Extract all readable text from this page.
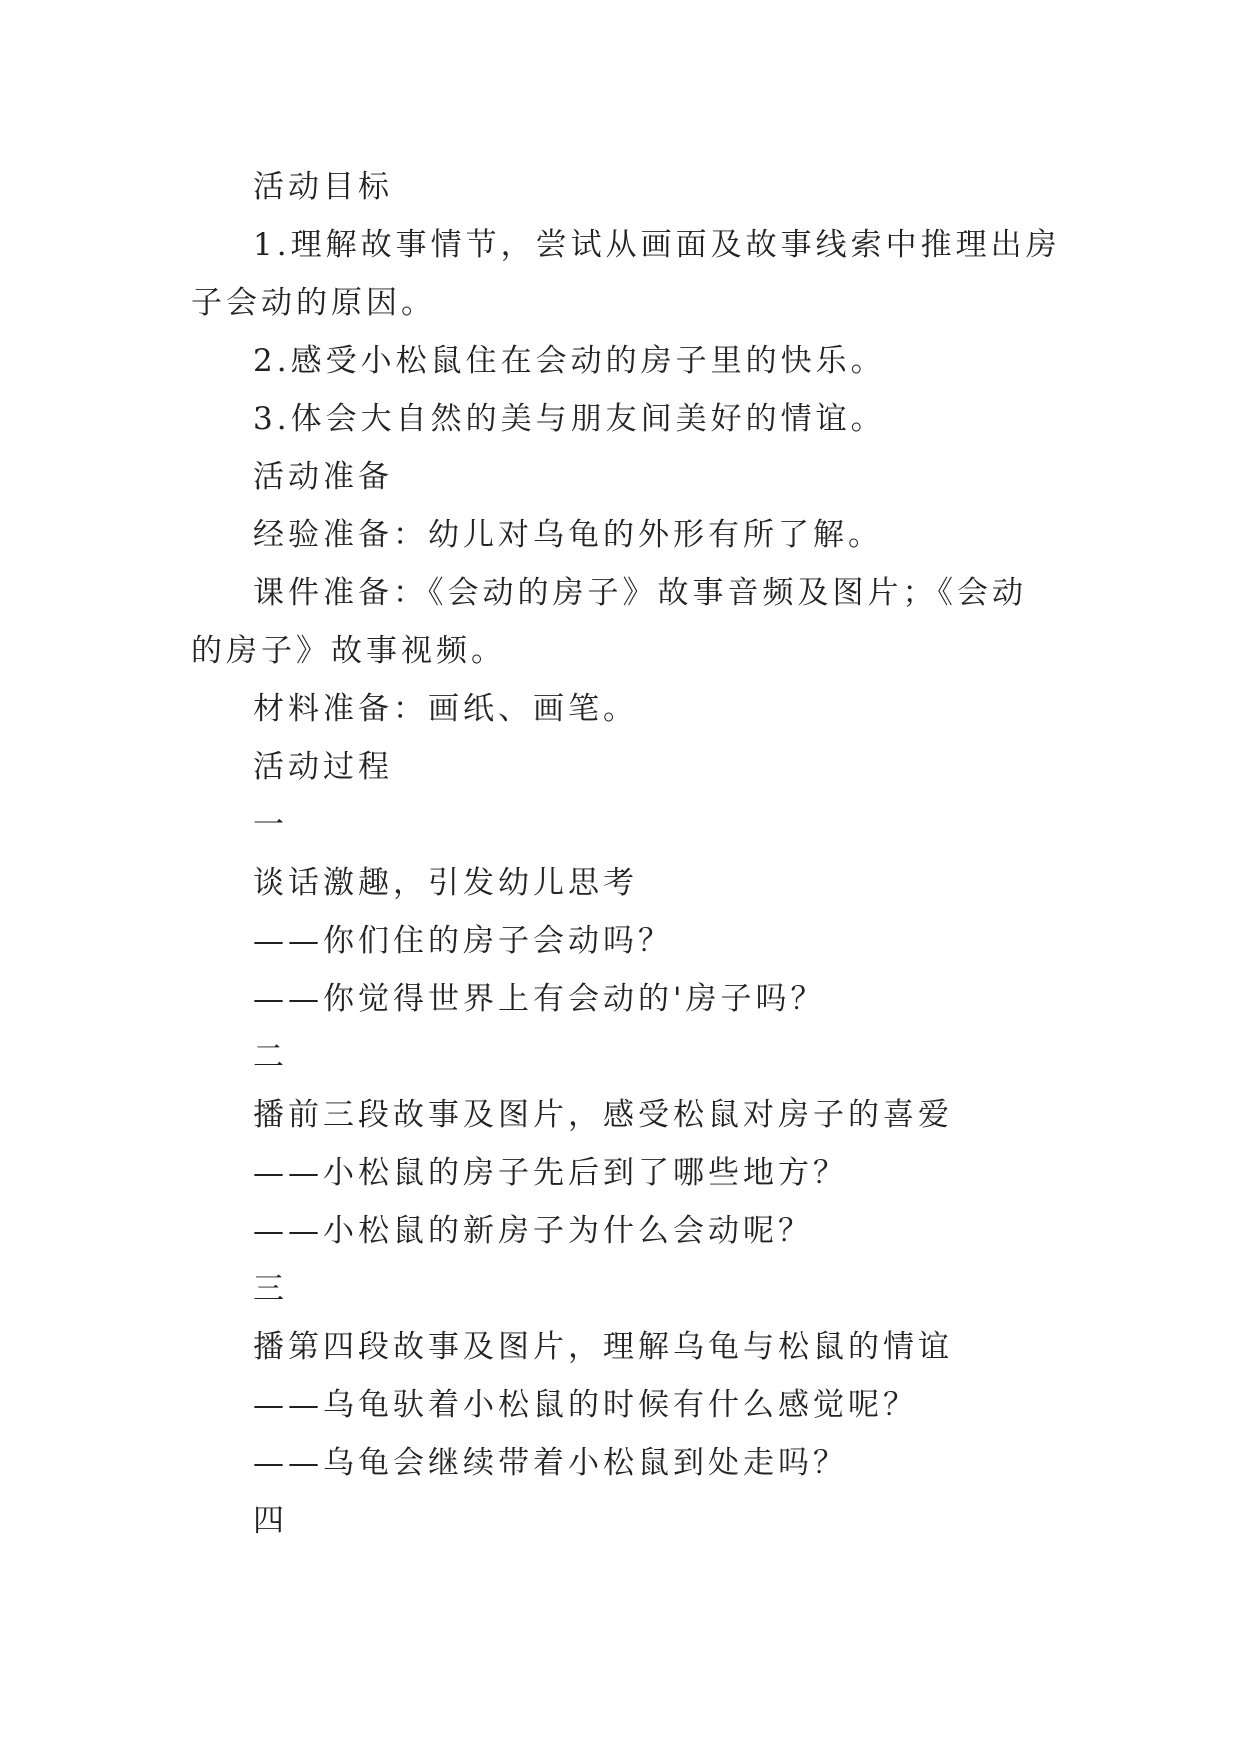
活动目标

1.理解故事情节，尝试从画面及故事线索中推理出房子会动的原因。

2.感受小松鼠住在会动的房子里的快乐。

3.体会大自然的美与朋友间美好的情谊。

活动准备

经验准备：幼儿对乌龟的外形有所了解。

课件准备：《会动的房子》故事音频及图片；《会动的房子》故事视频。

材料准备：画纸、画笔。

活动过程

一

谈话激趣，引发幼儿思考

——你们住的房子会动吗？

——你觉得世界上有会动的'房子吗？

二

播前三段故事及图片，感受松鼠对房子的喜爱

——小松鼠的房子先后到了哪些地方？

——小松鼠的新房子为什么会动呢？

三

播第四段故事及图片，理解乌龟与松鼠的情谊

——乌龟驮着小松鼠的时候有什么感觉呢？

——乌龟会继续带着小松鼠到处走吗？

四
